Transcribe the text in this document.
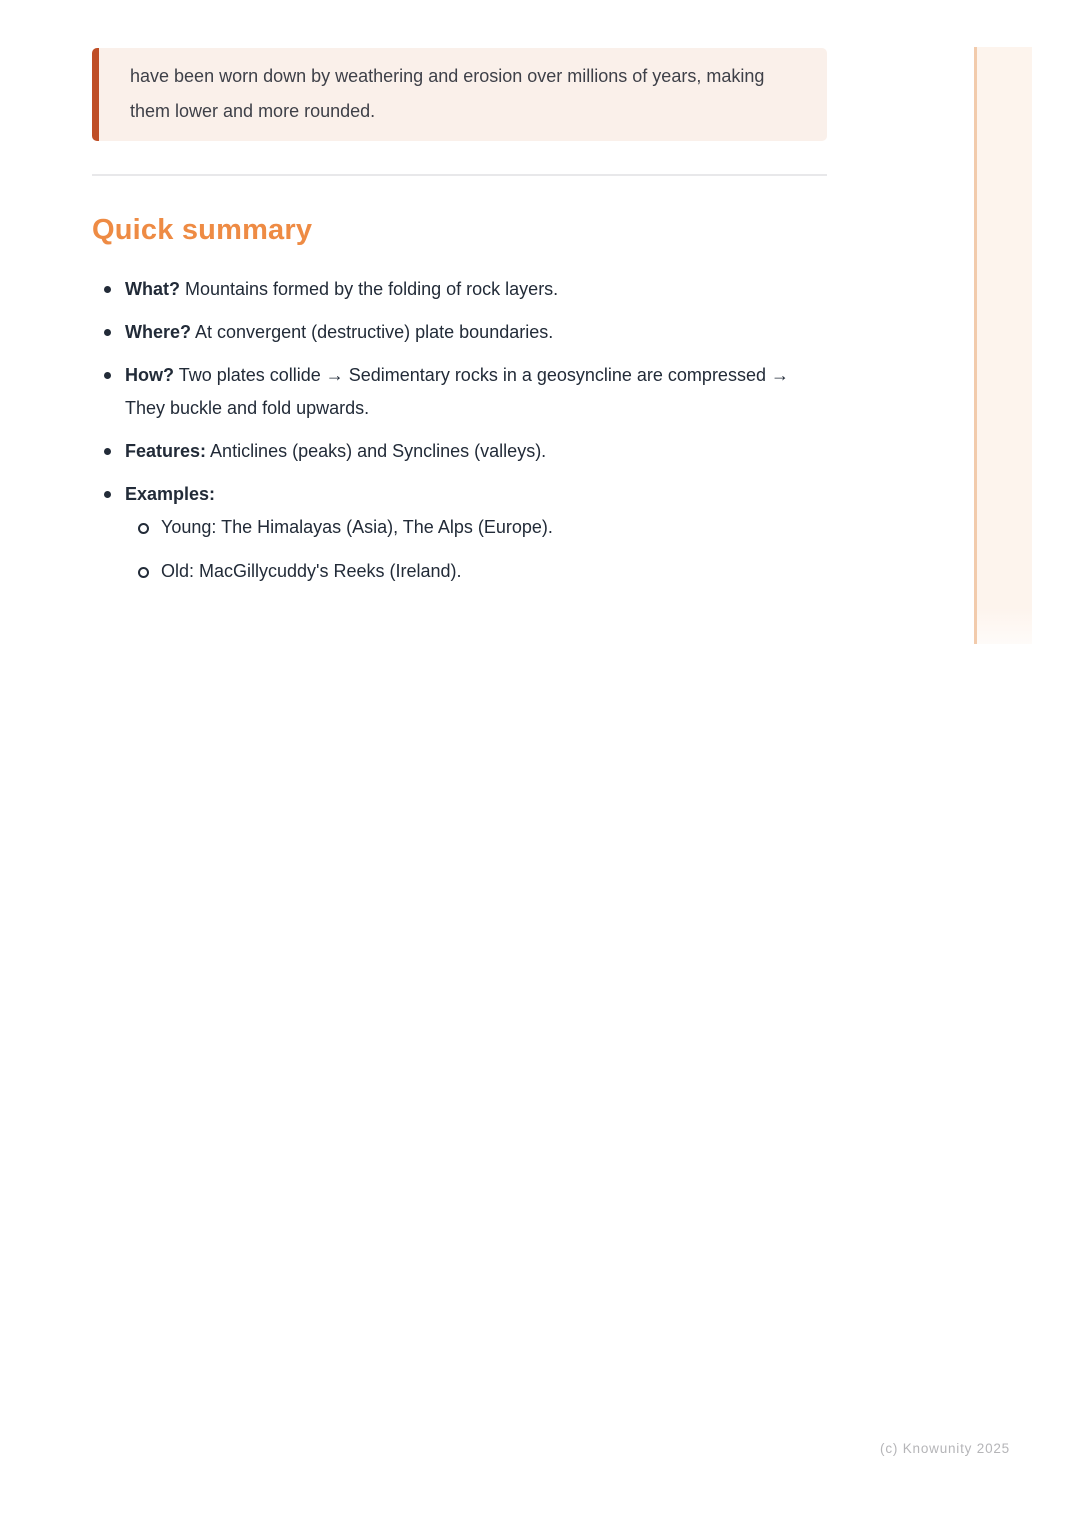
have been worn down by weathering and erosion over millions of years, making them lower and more rounded.

Quick summary
What? Mountains formed by the folding of rock layers.
Where? At convergent (destructive) plate boundaries.
How? Two plates collide → Sedimentary rocks in a geosyncline are compressed → They buckle and fold upwards.
Features: Anticlines (peaks) and Synclines (valleys).
Examples:
Young: The Himalayas (Asia), The Alps (Europe).
Old: MacGillycuddy's Reeks (Ireland).
(c) Knowunity 2025
